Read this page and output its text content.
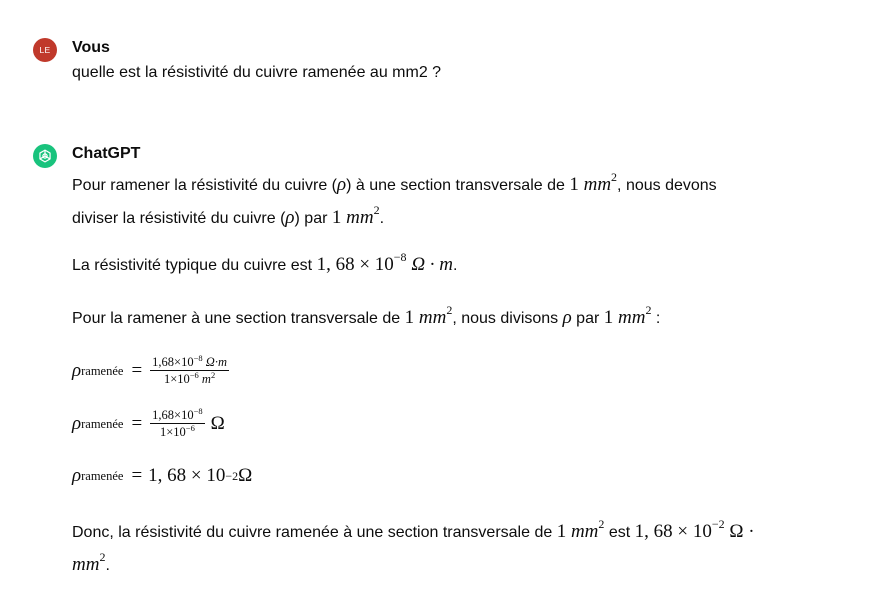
LE Vous
quelle est la résistivité du cuivre ramenée au mm2 ?
ChatGPT
Pour ramener la résistivité du cuivre (ρ) à une section transversale de 1 $mm^2$, nous devons
diviser la résistivité du cuivre (ρ) par 1 $mm^2$.
La résistivité typique du cuivre est 1, $68 \times 10^{-8}$ Ω · m.
Pour la ramener à une section transversale de 1 $mm^2$, nous divisons ρ par 1 $mm^2$ :
ρ ramenée = $\frac{1,68\times 10^{-8} \Omega\cdot m}{1\times 10^{-6} m^2}$
ρ ramenée = $\frac{1,68\times 10^{-8}}{1\times 10^{-6}}$ Ω
ρ ramenée = 1, 68 × 10 −2 Ω
Donc, la résistivité du cuivre ramenée à une section transversale de 1 $mm^2$ est 1, $68 \times 10^{-2}$ Ω ·
$mm^2$.
